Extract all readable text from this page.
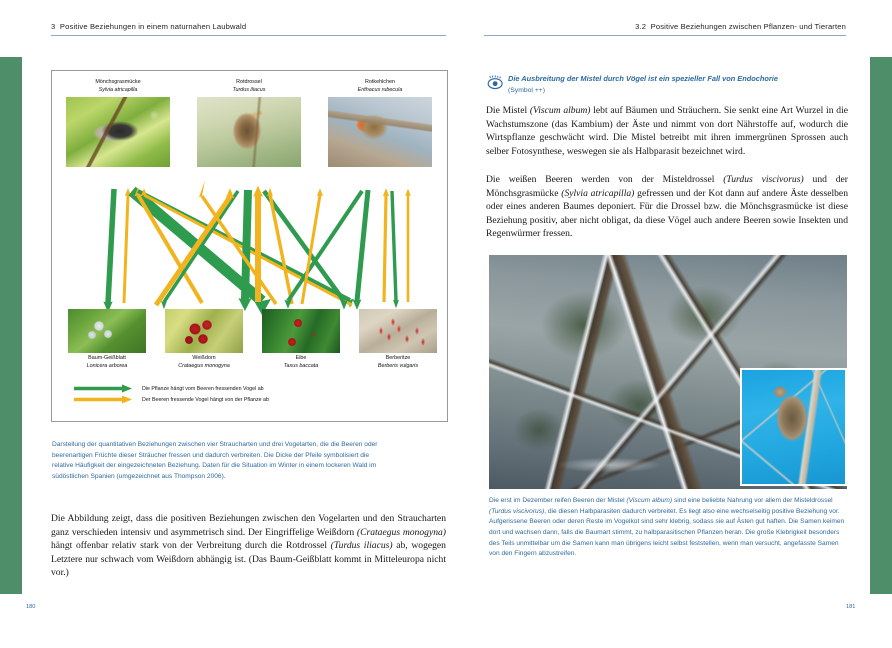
3 Positive Beziehungen in einem naturnahen Laubwald	3.2 Positive Beziehungen zwischen Pflanzen- und Tierarten
Mönchsgrasmücke
Sylvia atricapilla
Rotdrossel
Turdus iliacus
Rotkehlchen
Erithacus rubecula
Baum-Geißblatt
Lonicera arborea
Weißdorn
Crataegus monogyna
Eibe
Taxus baccata
Berberitze
Berberis vulgaris
Die Pflanze hängt vom Beeren fressenden Vogel ab
Der Beeren fressende Vogel hängt von der Pflanze ab
Darstellung der quantitativen Beziehungen zwischen vier Straucharten und drei Vogelarten, die die Beeren oder beerenartigen Früchte dieser Sträucher fressen und dadurch verbreiten. Die Dicke der Pfeile symbolisiert die relative Häufigkeit der eingezeichneten Beziehung. Daten für die Situation im Winter in einem lockeren Wald im südöstlichen Spanien (umgezeichnet aus Thompson 2006).
Die Abbildung zeigt, dass die positiven Beziehungen zwischen den Vogelarten und den Straucharten ganz verschieden intensiv und asymmetrisch sind. Der Eingriffelige Weißdorn (Crataegus monogyna) hängt offenbar relativ stark von der Verbreitung durch die Rotdrossel (Turdus iliacus) ab, wogegen Letztere nur schwach vom Weißdorn abhängig ist. (Das Baum-Geißblatt kommt in Mitteleuropa nicht vor.)
Die Ausbreitung der Mistel durch Vögel ist ein spezieller Fall von Endochorie
(Symbol ++)
Die Mistel (Viscum album) lebt auf Bäumen und Sträuchern. Sie senkt eine Art Wurzel in die Wachstumszone (das Kambium) der Äste und nimmt von dort Nährstoffe auf, wodurch die Wirtspflanze geschwächt wird. Die Mistel betreibt mit ihren immergrünen Sprossen auch selber Fotosynthese, weswegen sie als Halbparasit bezeichnet wird.
Die weißen Beeren werden von der Misteldrossel (Turdus viscivorus) und der Mönchsgrasmücke (Sylvia atricapilla) gefressen und der Kot dann auf andere Äste desselben oder eines anderen Baumes deponiert. Für die Drossel bzw. die Mönchsgrasmücke ist diese Beziehung positiv, aber nicht obligat, da diese Vögel auch andere Beeren sowie Insekten und Regenwürmer fressen.
Die erst im Dezember reifen Beeren der Mistel (Viscum album) sind eine beliebte Nahrung vor allem der Misteldrossel (Turdus viscivorus), die diesen Halbparasiten dadurch verbreitet. Es liegt also eine wechselseitig positive Beziehung vor. Aufgerissene Beeren oder deren Reste im Vogelkot sind sehr klebrig, sodass sie auf Ästen gut haften. Die Samen keimen dort und wachsen dann, falls die Baumart stimmt, zu halbparasitischen Pflanzen heran. Die große Klebrigkeit besonders des Teils unmittelbar um die Samen kann man übrigens leicht selbst feststellen, wenn man versucht, angefasste Samen von den Fingern abzustreifen.
180	181
